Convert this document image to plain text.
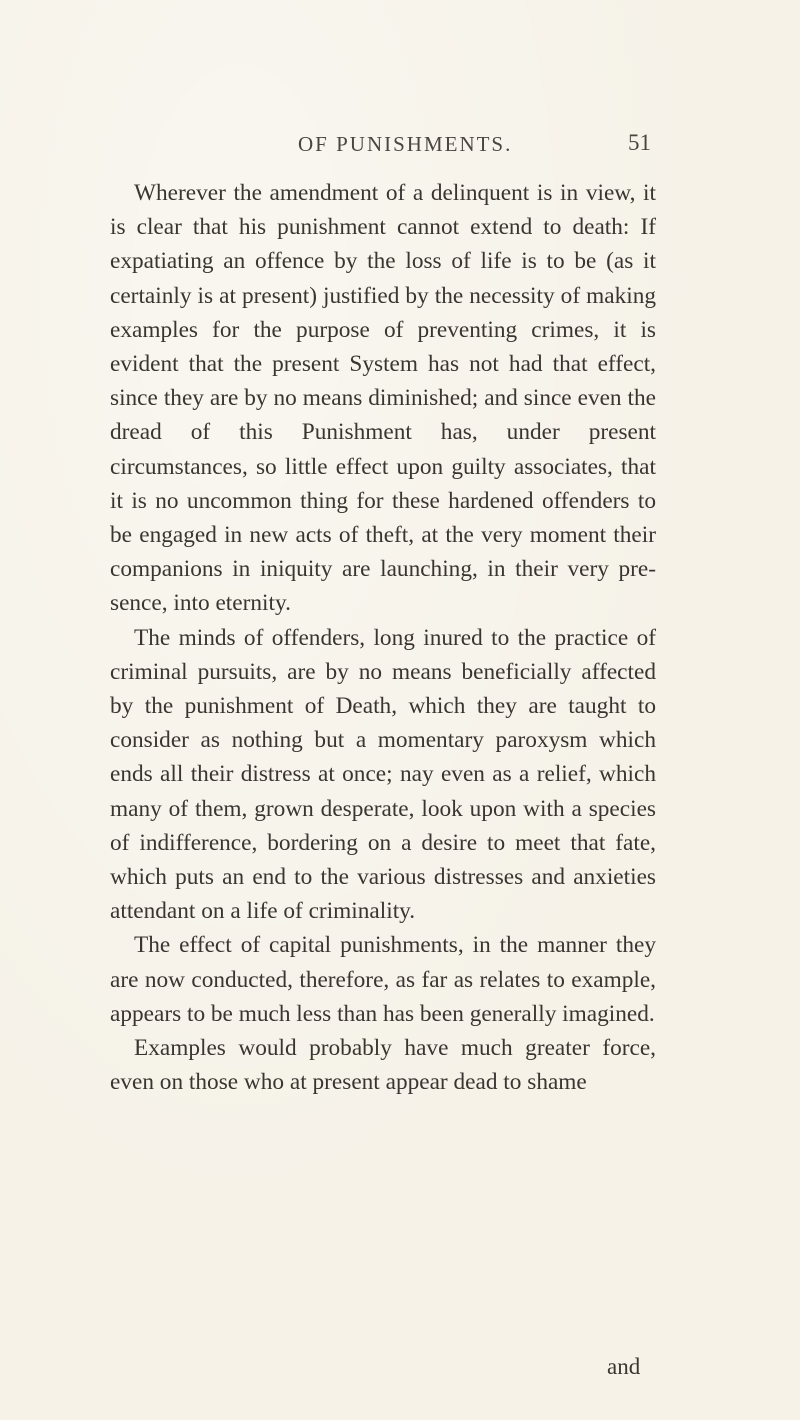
OF PUNISHMENTS.	51

Wherever the amendment of a delinquent is in view, it is clear that his punishment cannot extend to death: If expatiating an offence by the loss of life is to be (as it certainly is at present) justified by the necessity of making examples for the purpose of preventing crimes, it is evident that the present System has not had that effect, since they are by no means diminished; and since even the dread of this Punishment has, under present circumstances, so little effect upon guilty associates, that it is no uncommon thing for these hardened offenders to be engaged in new acts of theft, at the very moment their companions in iniquity are launching, in their very presence, into eternity.

The minds of offenders, long inured to the practice of criminal pursuits, are by no means beneficially affected by the punishment of Death, which they are taught to consider as nothing but a momentary paroxysm which ends all their distress at once; nay even as a relief, which many of them, grown desperate, look upon with a species of indifference, bordering on a desire to meet that fate, which puts an end to the various distresses and anxieties attendant on a life of criminality.

The effect of capital punishments, in the manner they are now conducted, therefore, as far as relates to example, appears to be much less than has been generally imagined.

Examples would probably have much greater force, even on those who at present appear dead to shame

and
